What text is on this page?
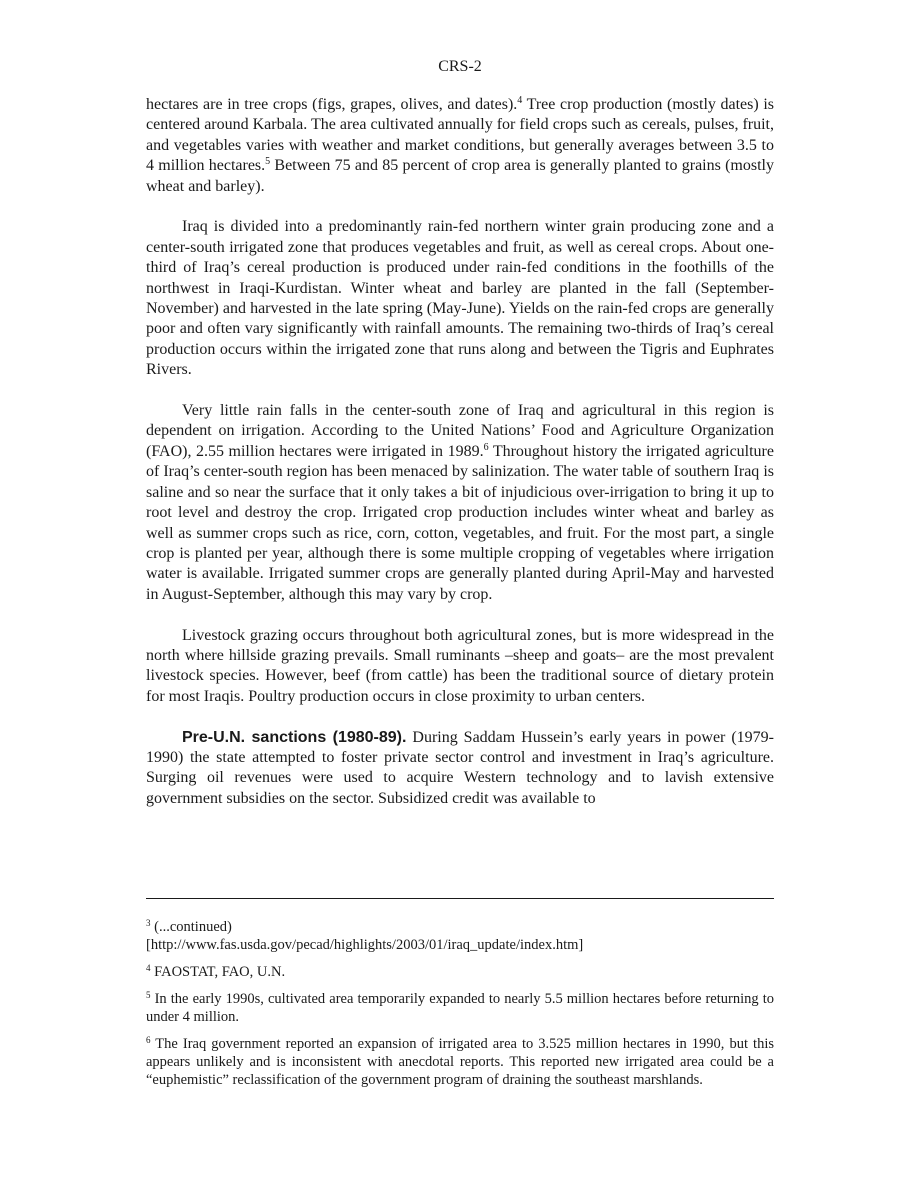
CRS-2

hectares are in tree crops (figs, grapes, olives, and dates).$^4$ Tree crop production (mostly dates) is centered around Karbala. The area cultivated annually for field crops such as cereals, pulses, fruit, and vegetables varies with weather and market conditions, but generally averages between 3.5 to 4 million hectares.$^5$ Between 75 and 85 percent of crop area is generally planted to grains (mostly wheat and barley).

Iraq is divided into a predominantly rain-fed northern winter grain producing zone and a center-south irrigated zone that produces vegetables and fruit, as well as cereal crops. About one-third of Iraq’s cereal production is produced under rain-fed conditions in the foothills of the northwest in Iraqi-Kurdistan. Winter wheat and barley are planted in the fall (September-November) and harvested in the late spring (May-June). Yields on the rain-fed crops are generally poor and often vary significantly with rainfall amounts. The remaining two-thirds of Iraq’s cereal production occurs within the irrigated zone that runs along and between the Tigris and Euphrates Rivers.

Very little rain falls in the center-south zone of Iraq and agricultural in this region is dependent on irrigation. According to the United Nations’ Food and Agriculture Organization (FAO), 2.55 million hectares were irrigated in 1989.$^6$ Throughout history the irrigated agriculture of Iraq’s center-south region has been menaced by salinization. The water table of southern Iraq is saline and so near the surface that it only takes a bit of injudicious over-irrigation to bring it up to root level and destroy the crop. Irrigated crop production includes winter wheat and barley as well as summer crops such as rice, corn, cotton, vegetables, and fruit. For the most part, a single crop is planted per year, although there is some multiple cropping of vegetables where irrigation water is available. Irrigated summer crops are generally planted during April-May and harvested in August-September, although this may vary by crop.

Livestock grazing occurs throughout both agricultural zones, but is more widespread in the north where hillside grazing prevails. Small ruminants –sheep and goats– are the most prevalent livestock species. However, beef (from cattle) has been the traditional source of dietary protein for most Iraqis. Poultry production occurs in close proximity to urban centers.

Pre-U.N. sanctions (1980-89). During Saddam Hussein’s early years in power (1979-1990) the state attempted to foster private sector control and investment in Iraq’s agriculture. Surging oil revenues were used to acquire Western technology and to lavish extensive government subsidies on the sector. Subsidized credit was available to

$^3$ (...continued)
[http://www.fas.usda.gov/pecad/highlights/2003/01/iraq_update/index.htm]
$^4$ FAOSTAT, FAO, U.N.
$^5$ In the early 1990s, cultivated area temporarily expanded to nearly 5.5 million hectares before returning to under 4 million.
$^6$ The Iraq government reported an expansion of irrigated area to 3.525 million hectares in 1990, but this appears unlikely and is inconsistent with anecdotal reports. This reported new irrigated area could be a “euphemistic” reclassification of the government program of draining the southeast marshlands.
